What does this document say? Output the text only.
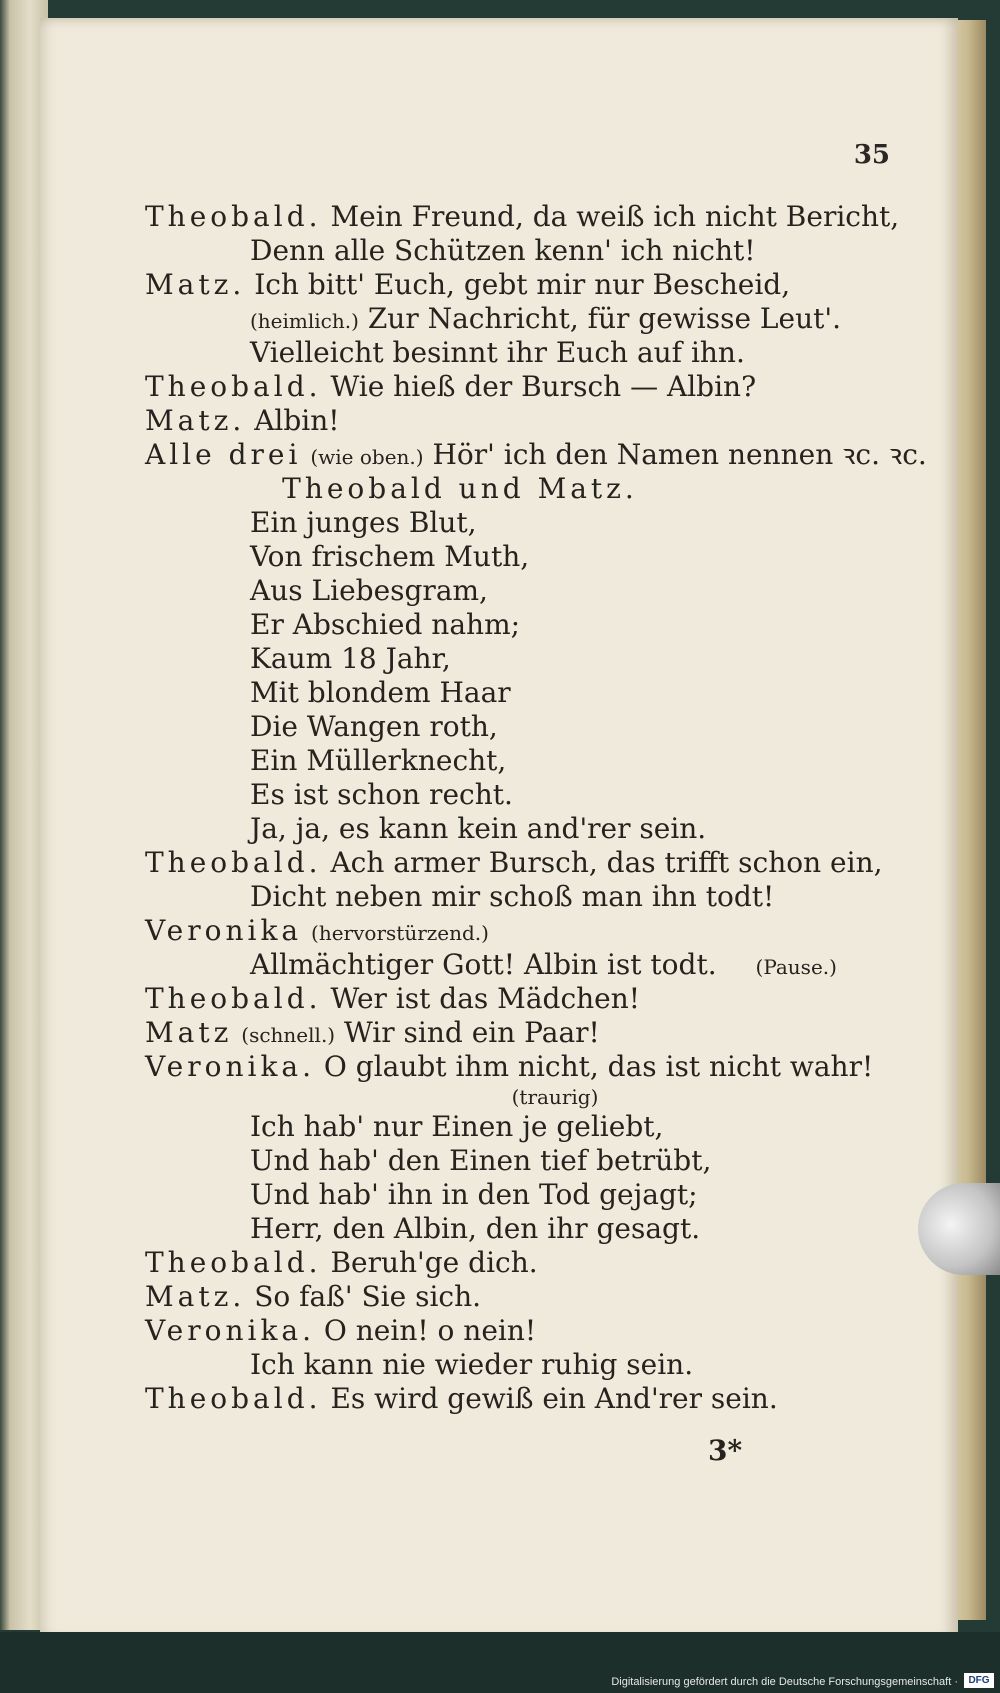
35
Theobald. Mein Freund, da weiß ich nicht Bericht,
Denn alle Schützen kenn' ich nicht!
Matz. Ich bitt' Euch, gebt mir nur Bescheid,
(heimlich.) Zur Nachricht, für gewisse Leut'.
Vielleicht besinnt ihr Euch auf ihn.
Theobald. Wie hieß der Bursch — Albin?
Matz. Albin!
Alle drei (wie oben.) Hör' ich den Namen nennen ꝛc. ꝛc.
Theobald und Matz.
Ein junges Blut,
Von frischem Muth,
Aus Liebesgram,
Er Abschied nahm;
Kaum 18 Jahr,
Mit blondem Haar
Die Wangen roth,
Ein Müllerknecht,
Es ist schon recht.
Ja, ja, es kann kein and'rer sein.
Theobald. Ach armer Bursch, das trifft schon ein,
Dicht neben mir schoß man ihn todt!
Veronika (hervorstürzend.)
Allmächtiger Gott! Albin ist todt. (Pause.)
Theobald. Wer ist das Mädchen!
Matz (schnell.) Wir sind ein Paar!
Veronika. O glaubt ihm nicht, das ist nicht wahr!
(traurig)
Ich hab' nur Einen je geliebt,
Und hab' den Einen tief betrübt,
Und hab' ihn in den Tod gejagt;
Herr, den Albin, den ihr gesagt.
Theobald. Beruh'ge dich.
Matz. So faß' Sie sich.
Veronika. O nein! o nein!
Ich kann nie wieder ruhig sein.
Theobald. Es wird gewiß ein And'rer sein.
3*
Digitalisierung gefördert durch die Deutsche Forschungsgemeinschaft ·	DFG
